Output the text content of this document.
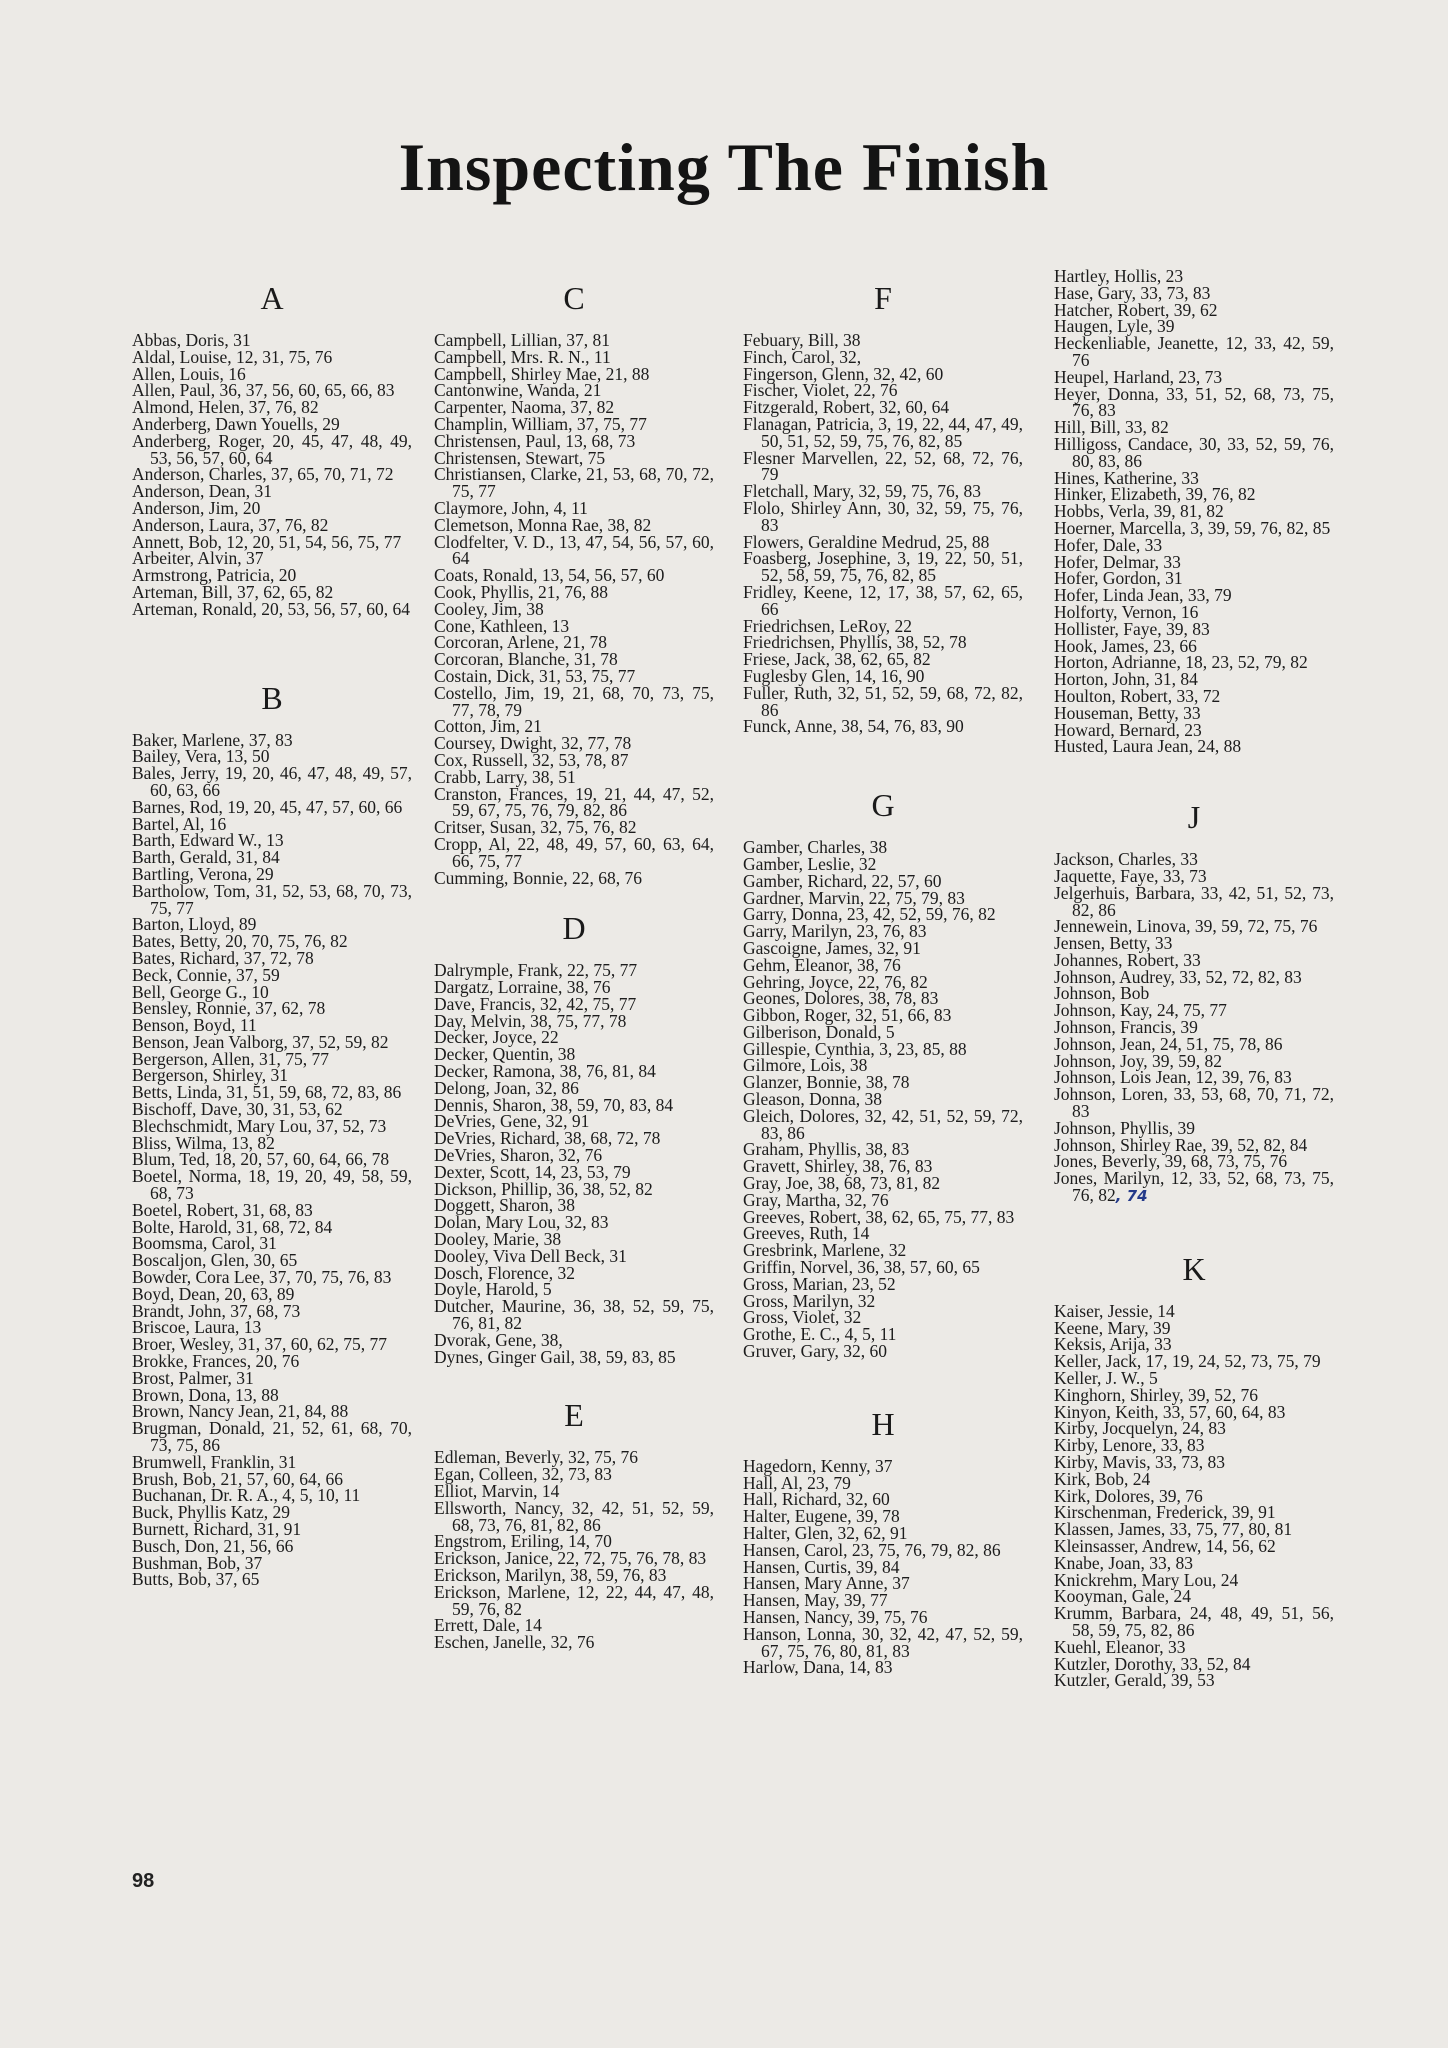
Inspecting The Finish
A
Abbas, Doris, 31
Aldal, Louise, 12, 31, 75, 76
Allen, Louis, 16
Allen, Paul, 36, 37, 56, 60, 65, 66, 83
Almond, Helen, 37, 76, 82
Anderberg, Dawn Youells, 29
Anderberg, Roger, 20, 45, 47, 48, 49, 53, 56, 57, 60, 64
Anderson, Charles, 37, 65, 70, 71, 72
Anderson, Dean, 31
Anderson, Jim, 20
Anderson, Laura, 37, 76, 82
Annett, Bob, 12, 20, 51, 54, 56, 75, 77
Arbeiter, Alvin, 37
Armstrong, Patricia, 20
Arteman, Bill, 37, 62, 65, 82
Arteman, Ronald, 20, 53, 56, 57, 60, 64
B
Baker, Marlene, 37, 83
Bailey, Vera, 13, 50
Bales, Jerry, 19, 20, 46, 47, 48, 49, 57, 60, 63, 66
Barnes, Rod, 19, 20, 45, 47, 57, 60, 66
Bartel, Al, 16
Barth, Edward W., 13
Barth, Gerald, 31, 84
Bartling, Verona, 29
Bartholow, Tom, 31, 52, 53, 68, 70, 73, 75, 77
Barton, Lloyd, 89
Bates, Betty, 20, 70, 75, 76, 82
Bates, Richard, 37, 72, 78
Beck, Connie, 37, 59
Bell, George G., 10
Bensley, Ronnie, 37, 62, 78
Benson, Boyd, 11
Benson, Jean Valborg, 37, 52, 59, 82
Bergerson, Allen, 31, 75, 77
Bergerson, Shirley, 31
Betts, Linda, 31, 51, 59, 68, 72, 83, 86
Bischoff, Dave, 30, 31, 53, 62
Blechschmidt, Mary Lou, 37, 52, 73
Bliss, Wilma, 13, 82
Blum, Ted, 18, 20, 57, 60, 64, 66, 78
Boetel, Norma, 18, 19, 20, 49, 58, 59, 68, 73
Boetel, Robert, 31, 68, 83
Bolte, Harold, 31, 68, 72, 84
Boomsma, Carol, 31
Boscaljon, Glen, 30, 65
Bowder, Cora Lee, 37, 70, 75, 76, 83
Boyd, Dean, 20, 63, 89
Brandt, John, 37, 68, 73
Briscoe, Laura, 13
Broer, Wesley, 31, 37, 60, 62, 75, 77
Brokke, Frances, 20, 76
Brost, Palmer, 31
Brown, Dona, 13, 88
Brown, Nancy Jean, 21, 84, 88
Brugman, Donald, 21, 52, 61, 68, 70, 73, 75, 86
Brumwell, Franklin, 31
Brush, Bob, 21, 57, 60, 64, 66
Buchanan, Dr. R. A., 4, 5, 10, 11
Buck, Phyllis Katz, 29
Burnett, Richard, 31, 91
Busch, Don, 21, 56, 66
Bushman, Bob, 37
Butts, Bob, 37, 65
C
Campbell, Lillian, 37, 81
Campbell, Mrs. R. N., 11
Campbell, Shirley Mae, 21, 88
Cantonwine, Wanda, 21
Carpenter, Naoma, 37, 82
Champlin, William, 37, 75, 77
Christensen, Paul, 13, 68, 73
Christensen, Stewart, 75
Christiansen, Clarke, 21, 53, 68, 70, 72, 75, 77
Claymore, John, 4, 11
Clemetson, Monna Rae, 38, 82
Clodfelter, V. D., 13, 47, 54, 56, 57, 60, 64
Coats, Ronald, 13, 54, 56, 57, 60
Cook, Phyllis, 21, 76, 88
Cooley, Jim, 38
Cone, Kathleen, 13
Corcoran, Arlene, 21, 78
Corcoran, Blanche, 31, 78
Costain, Dick, 31, 53, 75, 77
Costello, Jim, 19, 21, 68, 70, 73, 75, 77, 78, 79
Cotton, Jim, 21
Coursey, Dwight, 32, 77, 78
Cox, Russell, 32, 53, 78, 87
Crabb, Larry, 38, 51
Cranston, Frances, 19, 21, 44, 47, 52, 59, 67, 75, 76, 79, 82, 86
Critser, Susan, 32, 75, 76, 82
Cropp, Al, 22, 48, 49, 57, 60, 63, 64, 66, 75, 77
Cumming, Bonnie, 22, 68, 76
D
Dalrymple, Frank, 22, 75, 77
Dargatz, Lorraine, 38, 76
Dave, Francis, 32, 42, 75, 77
Day, Melvin, 38, 75, 77, 78
Decker, Joyce, 22
Decker, Quentin, 38
Decker, Ramona, 38, 76, 81, 84
Delong, Joan, 32, 86
Dennis, Sharon, 38, 59, 70, 83, 84
DeVries, Gene, 32, 91
DeVries, Richard, 38, 68, 72, 78
DeVries, Sharon, 32, 76
Dexter, Scott, 14, 23, 53, 79
Dickson, Phillip, 36, 38, 52, 82
Doggett, Sharon, 38
Dolan, Mary Lou, 32, 83
Dooley, Marie, 38
Dooley, Viva Dell Beck, 31
Dosch, Florence, 32
Doyle, Harold, 5
Dutcher, Maurine, 36, 38, 52, 59, 75, 76, 81, 82
Dvorak, Gene, 38,
Dynes, Ginger Gail, 38, 59, 83, 85
E
Edleman, Beverly, 32, 75, 76
Egan, Colleen, 32, 73, 83
Elliot, Marvin, 14
Ellsworth, Nancy, 32, 42, 51, 52, 59, 68, 73, 76, 81, 82, 86
Engstrom, Eriling, 14, 70
Erickson, Janice, 22, 72, 75, 76, 78, 83
Erickson, Marilyn, 38, 59, 76, 83
Erickson, Marlene, 12, 22, 44, 47, 48, 59, 76, 82
Errett, Dale, 14
Eschen, Janelle, 32, 76
F
Febuary, Bill, 38
Finch, Carol, 32,
Fingerson, Glenn, 32, 42, 60
Fischer, Violet, 22, 76
Fitzgerald, Robert, 32, 60, 64
Flanagan, Patricia, 3, 19, 22, 44, 47, 49, 50, 51, 52, 59, 75, 76, 82, 85
Flesner Marvellen, 22, 52, 68, 72, 76, 79
Fletchall, Mary, 32, 59, 75, 76, 83
Flolo, Shirley Ann, 30, 32, 59, 75, 76, 83
Flowers, Geraldine Medrud, 25, 88
Foasberg, Josephine, 3, 19, 22, 50, 51, 52, 58, 59, 75, 76, 82, 85
Fridley, Keene, 12, 17, 38, 57, 62, 65, 66
Friedrichsen, LeRoy, 22
Friedrichsen, Phyllis, 38, 52, 78
Friese, Jack, 38, 62, 65, 82
Fuglesby Glen, 14, 16, 90
Fuller, Ruth, 32, 51, 52, 59, 68, 72, 82, 86
Funck, Anne, 38, 54, 76, 83, 90
G
Gamber, Charles, 38
Gamber, Leslie, 32
Gamber, Richard, 22, 57, 60
Gardner, Marvin, 22, 75, 79, 83
Garry, Donna, 23, 42, 52, 59, 76, 82
Garry, Marilyn, 23, 76, 83
Gascoigne, James, 32, 91
Gehm, Eleanor, 38, 76
Gehring, Joyce, 22, 76, 82
Geones, Dolores, 38, 78, 83
Gibbon, Roger, 32, 51, 66, 83
Gilberison, Donald, 5
Gillespie, Cynthia, 3, 23, 85, 88
Gilmore, Lois, 38
Glanzer, Bonnie, 38, 78
Gleason, Donna, 38
Gleich, Dolores, 32, 42, 51, 52, 59, 72, 83, 86
Graham, Phyllis, 38, 83
Gravett, Shirley, 38, 76, 83
Gray, Joe, 38, 68, 73, 81, 82
Gray, Martha, 32, 76
Greeves, Robert, 38, 62, 65, 75, 77, 83
Greeves, Ruth, 14
Gresbrink, Marlene, 32
Griffin, Norvel, 36, 38, 57, 60, 65
Gross, Marian, 23, 52
Gross, Marilyn, 32
Gross, Violet, 32
Grothe, E. C., 4, 5, 11
Gruver, Gary, 32, 60
H
Hagedorn, Kenny, 37
Hall, Al, 23, 79
Hall, Richard, 32, 60
Halter, Eugene, 39, 78
Halter, Glen, 32, 62, 91
Hansen, Carol, 23, 75, 76, 79, 82, 86
Hansen, Curtis, 39, 84
Hansen, Mary Anne, 37
Hansen, May, 39, 77
Hansen, Nancy, 39, 75, 76
Hanson, Lonna, 30, 32, 42, 47, 52, 59, 67, 75, 76, 80, 81, 83
Harlow, Dana, 14, 83
Hartley, Hollis, 23
Hase, Gary, 33, 73, 83
Hatcher, Robert, 39, 62
Haugen, Lyle, 39
Heckenliable, Jeanette, 12, 33, 42, 59, 76
Heupel, Harland, 23, 73
Heyer, Donna, 33, 51, 52, 68, 73, 75, 76, 83
Hill, Bill, 33, 82
Hilligoss, Candace, 30, 33, 52, 59, 76, 80, 83, 86
Hines, Katherine, 33
Hinker, Elizabeth, 39, 76, 82
Hobbs, Verla, 39, 81, 82
Hoerner, Marcella, 3, 39, 59, 76, 82, 85
Hofer, Dale, 33
Hofer, Delmar, 33
Hofer, Gordon, 31
Hofer, Linda Jean, 33, 79
Holforty, Vernon, 16
Hollister, Faye, 39, 83
Hook, James, 23, 66
Horton, Adrianne, 18, 23, 52, 79, 82
Horton, John, 31, 84
Houlton, Robert, 33, 72
Houseman, Betty, 33
Howard, Bernard, 23
Husted, Laura Jean, 24, 88
J
Jackson, Charles, 33
Jaquette, Faye, 33, 73
Jelgerhuis, Barbara, 33, 42, 51, 52, 73, 82, 86
Jennewein, Linova, 39, 59, 72, 75, 76
Jensen, Betty, 33
Johannes, Robert, 33
Johnson, Audrey, 33, 52, 72, 82, 83
Johnson, Bob
Johnson, Kay, 24, 75, 77
Johnson, Francis, 39
Johnson, Jean, 24, 51, 75, 78, 86
Johnson, Joy, 39, 59, 82
Johnson, Lois Jean, 12, 39, 76, 83
Johnson, Loren, 33, 53, 68, 70, 71, 72, 83
Johnson, Phyllis, 39
Johnson, Shirley Rae, 39, 52, 82, 84
Jones, Beverly, 39, 68, 73, 75, 76
Jones, Marilyn, 12, 33, 52, 68, 73, 75, 76, 82, 74
K
Kaiser, Jessie, 14
Keene, Mary, 39
Keksis, Arija, 33
Keller, Jack, 17, 19, 24, 52, 73, 75, 79
Keller, J. W., 5
Kinghorn, Shirley, 39, 52, 76
Kinyon, Keith, 33, 57, 60, 64, 83
Kirby, Jocquelyn, 24, 83
Kirby, Lenore, 33, 83
Kirby, Mavis, 33, 73, 83
Kirk, Bob, 24
Kirk, Dolores, 39, 76
Kirschenman, Frederick, 39, 91
Klassen, James, 33, 75, 77, 80, 81
Kleinsasser, Andrew, 14, 56, 62
Knabe, Joan, 33, 83
Knickrehm, Mary Lou, 24
Kooyman, Gale, 24
Krumm, Barbara, 24, 48, 49, 51, 56, 58, 59, 75, 82, 86
Kuehl, Eleanor, 33
Kutzler, Dorothy, 33, 52, 84
Kutzler, Gerald, 39, 53
98
